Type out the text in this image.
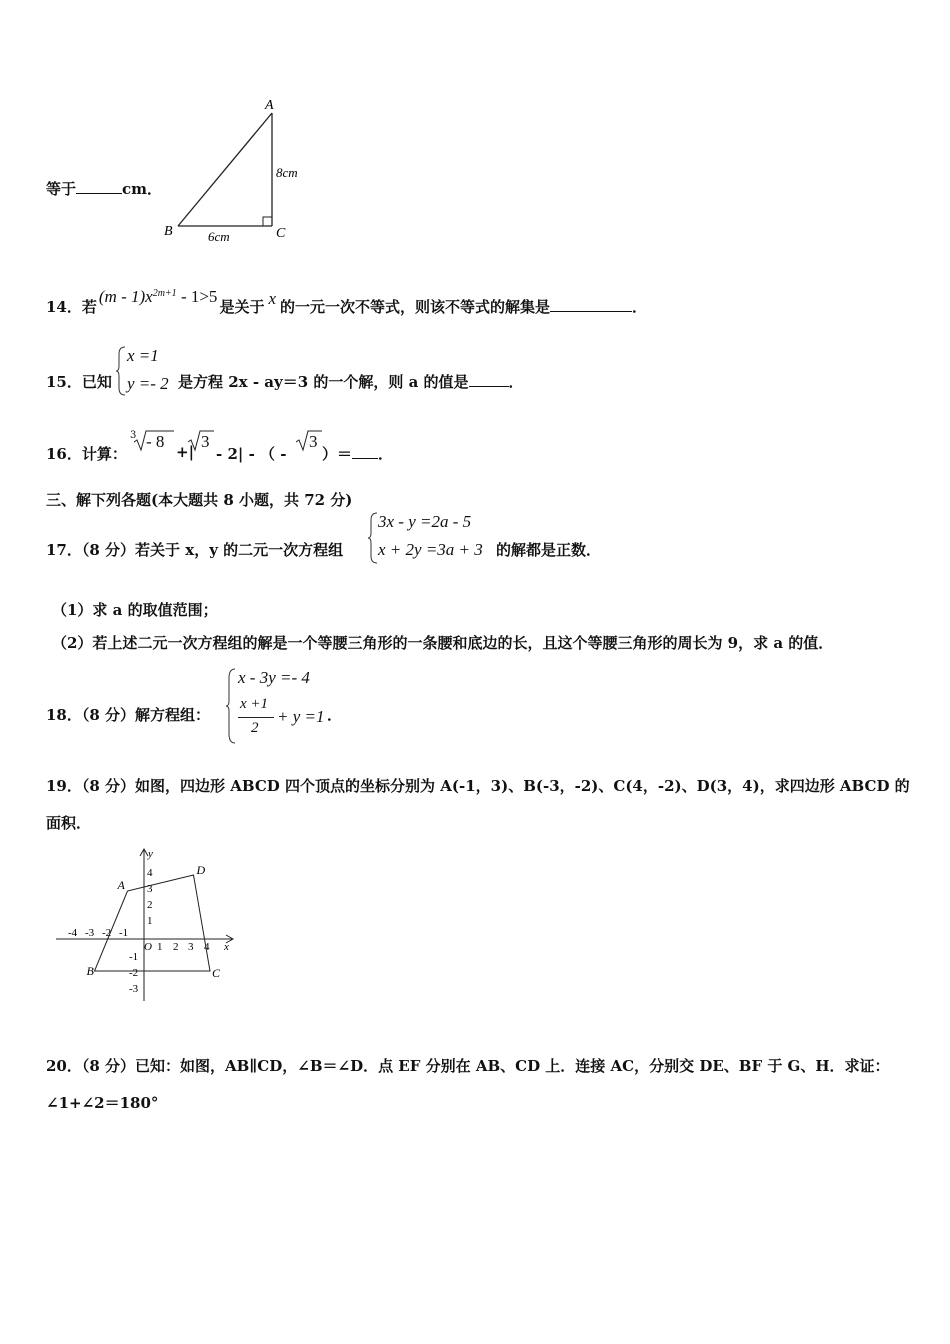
等于	cm．
A
B	C
8cm
6cm
14．若$(m - 1)x^{2m+1} - 1>5$是关于 x 的一元一次不等式，则该不等式的解集是	．
15．已知
x =1
y =- 2 是方程 2x - ay＝3 的一个解，则 a 的值是	．
16．计算：
3 - 8
+|
3
- 2| - （ -
3
）＝ ．
三、解下列各题(本大题共 8 小题，共 72 分)
17．（8 分）若关于 x，y 的二元一次方程组
3x - y =2a - 5
x + 2y =3a + 3 的解都是正数．
（1）求 a 的取值范围；
（2）若上述二元一次方程组的解是一个等腰三角形的一条腰和底边的长，且这个等腰三角形的周长为 9，求 a 的值．
18．（8 分）解方程组：
x - 3y =- 4
x +1
2
+ y =1 ．
19．（8 分）如图，四边形 ABCD 四个顶点的坐标分别为 A(-1，3)、B(-3，-2)、C(4，-2)、D(3，4)，求四边形 ABCD 的
面积．
x
y
O
-4 -3 -2 -1
1 2 3 4
4
3
2
1
-1
-2
-3
A
B	C
D
20．（8 分）已知：如图，AB∥CD，∠B＝∠D．点 EF 分别在 AB、CD 上．连接 AC，分别交 DE、BF 于 G、H．求证：
∠1+∠2＝180°
